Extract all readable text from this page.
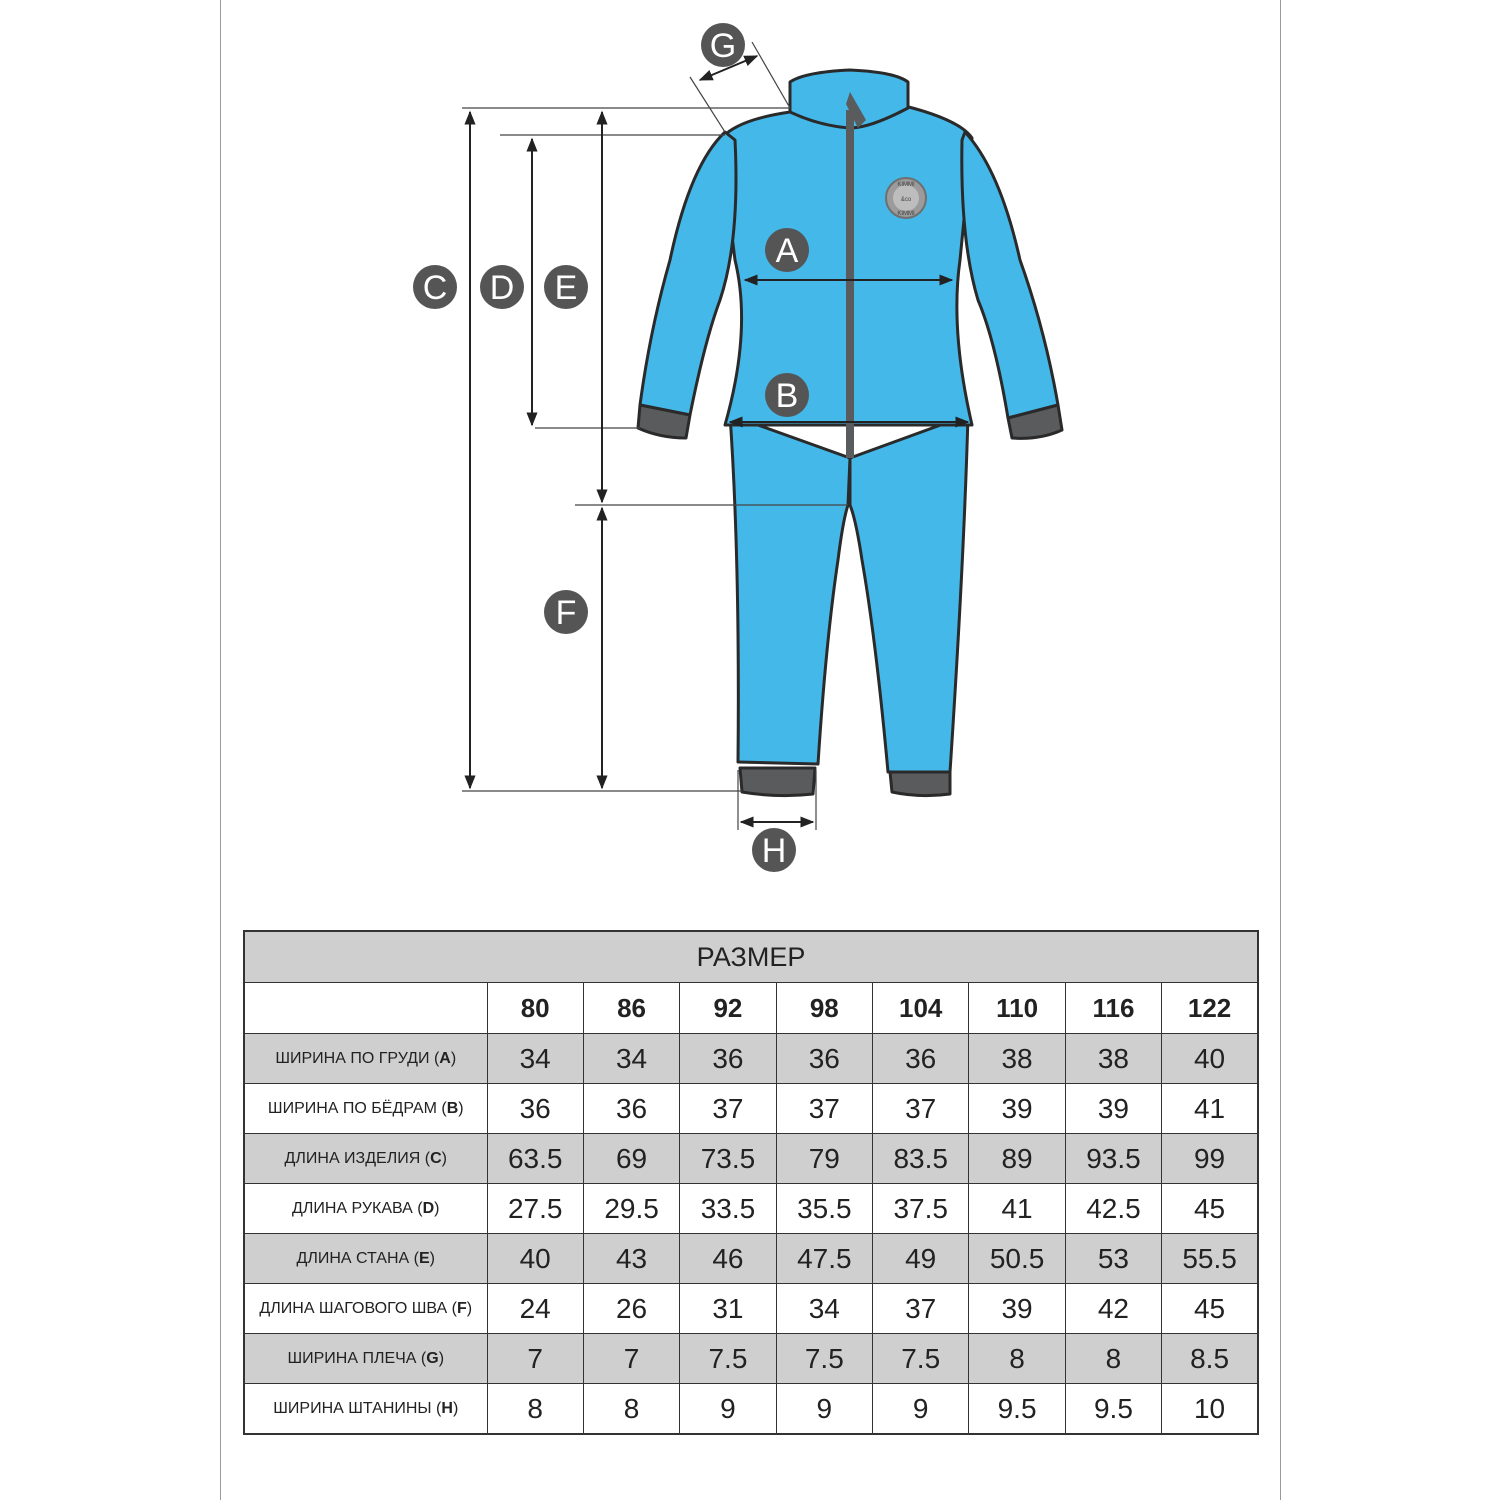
KIMMI
&co
KIMMI
C D E
F
A
B
G
H
РАЗМЕР								
	80	86	92	98	104	110	116	122
ШИРИНА ПО ГРУДИ (A)	34	34	36	36	36	38	38	40
ШИРИНА ПО БЁДРАМ (B)	36	36	37	37	37	39	39	41
ДЛИНА ИЗДЕЛИЯ (C)	63.5	69	73.5	79	83.5	89	93.5	99
ДЛИНА РУКАВА (D)	27.5	29.5	33.5	35.5	37.5	41	42.5	45
ДЛИНА СТАНА (E)	40	43	46	47.5	49	50.5	53	55.5
ДЛИНА ШАГОВОГО ШВА (F)	24	26	31	34	37	39	42	45
ШИРИНА ПЛЕЧА (G)	7	7	7.5	7.5	7.5	8	8	8.5
ШИРИНА ШТАНИНЫ (H)	8	8	9	9	9	9.5	9.5	10
